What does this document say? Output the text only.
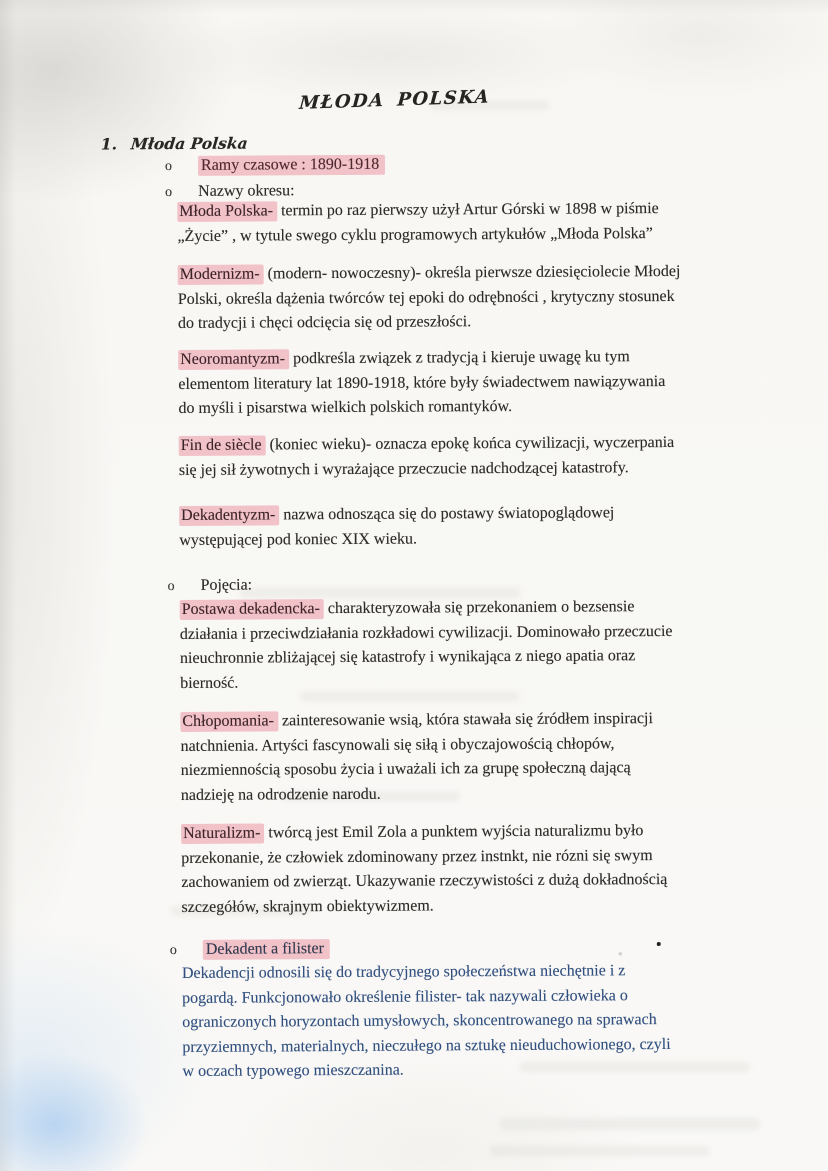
MŁODA POLSKA
1. Młoda Polska
o Ramy czasowe : 1890-1918
o Nazwy okresu:

Młoda Polska- termin po raz pierwszy użył Artur Górski w 1898 w piśmie
„Życie” , w tytule swego cyklu programowych artykułów „Młoda Polska”

Modernizm- (modern- nowoczesny)- określa pierwsze dziesięciolecie Młodej
Polski, określa dążenia twórców tej epoki do odrębności , krytyczny stosunek
do tradycji i chęci odcięcia się od przeszłości.

Neoromantyzm- podkreśla związek z tradycją i kieruje uwagę ku tym
elementom literatury lat 1890-1918, które były świadectwem nawiązywania
do myśli i pisarstwa wielkich polskich romantyków.

Fin de siècle (koniec wieku)- oznacza epokę końca cywilizacji, wyczerpania
się jej sił żywotnych i wyrażające przeczucie nadchodzącej katastrofy.

Dekadentyzm- nazwa odnosząca się do postawy światopoglądowej
występującej pod koniec XIX wieku.

o Pojęcia:

Postawa dekadencka- charakteryzowała się przekonaniem o bezsensie
działania i przeciwdziałania rozkładowi cywilizacji. Dominowało przeczucie
nieuchronnie zbliżającej się katastrofy i wynikająca z niego apatia oraz
bierność.

Chłopomania- zainteresowanie wsią, która stawała się źródłem inspiracji
natchnienia. Artyści fascynowali się siłą i obyczajowością chłopów,
niezmiennością sposobu życia i uważali ich za grupę społeczną dającą
nadzieję na odrodzenie narodu.

Naturalizm- twórcą jest Emil Zola a punktem wyjścia naturalizmu było
przekonanie, że człowiek zdominowany przez instnkt, nie rózni się swym
zachowaniem od zwierząt. Ukazywanie rzeczywistości z dużą dokładnością
szczegółów, skrajnym obiektywizmem.

o Dekadent a filister

Dekadencji odnosili się do tradycyjnego społeczeństwa niechętnie i z
pogardą. Funkcjonowało określenie filister- tak nazywali człowieka o
ograniczonych horyzontach umysłowych, skoncentrowanego na sprawach
przyziemnych, materialnych, nieczułego na sztukę nieuduchowionego, czyli
w oczach typowego mieszczanina.
